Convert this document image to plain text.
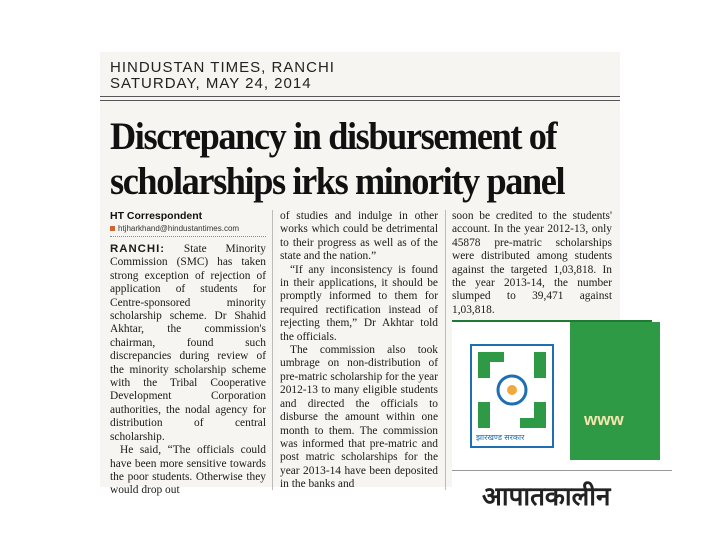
HINDUSTAN TIMES, RANCHI
SATURDAY, MAY 24, 2014
Discrepancy in disbursement of scholarships irks minority panel
HT Correspondent
htjharkhand@hindustantimes.com

RANCHI: State Minority Commission (SMC) has taken strong exception of rejection of application of students for Centre-sponsored minority scholarship scheme. Dr Shahid Akhtar, the commission's chairman, found such discrepancies during review of the minority scholarship scheme with the Tribal Cooperative Development Corporation authorities, the nodal agency for distribution of central scholarship.

He said, “The officials could have been more sensitive towards the poor students. Otherwise they would drop out

of studies and indulge in other works which could be detrimental to their progress as well as of the state and the nation.”

“If any inconsistency is found in their applications, it should be promptly informed to them for required rectification instead of rejecting them,” Dr Akhtar told the officials.

The commission also took umbrage on non-distribution of pre-matric scholarship for the year 2012-13 to many eligible students and directed the officials to disburse the amount within one month to them. The commission was informed that pre-matric and post matric scholarships for the year 2013-14 have been deposited in the banks and

soon be credited to the students' account. In the year 2012-13, only 45878 pre-matric scholarships were distributed among students against the targeted 1,03,818. In the year 2013-14, the number slumped to 39,471 against 1,03,818.

www
झारखण्ड सरकार
आपातकालीन
